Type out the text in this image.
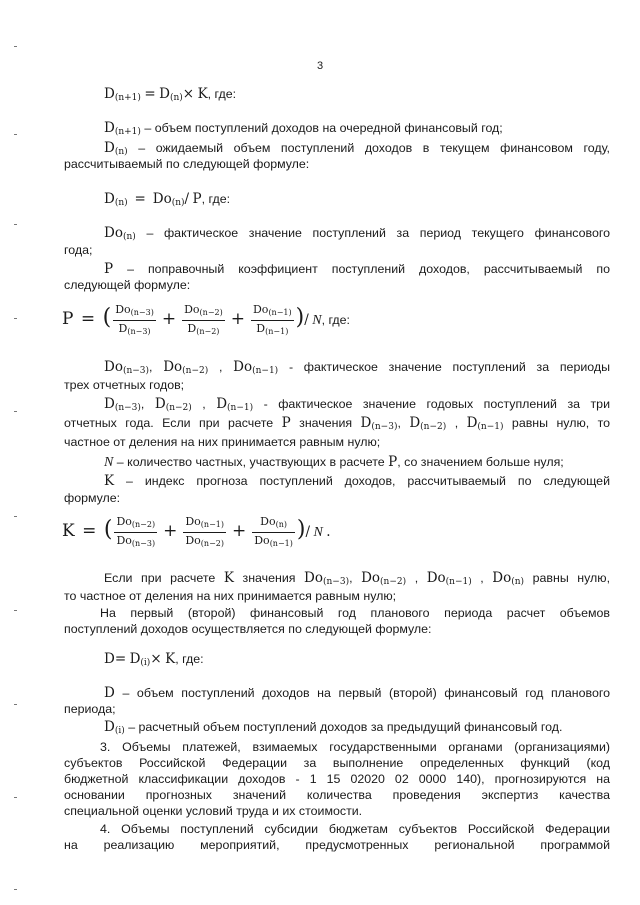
3
$D_{(n+1)} = D_{(n)}\times K$, где:
$D_{(n+1)}$ – объем поступлений доходов на очередной финансовый год;
$D_{(n)}$ – ожидаемый объем поступлений доходов в текущем финансовом году,
рассчитываемый по следующей формуле:
$D_{(n)} = Do_{(n)}/$ P, где:
$Do_{(n)}$ – фактическое значение поступлений за период текущего финансового
года;
P – поправочный коэффициент поступлений доходов, рассчитываемый по
следующей формуле:
P = ( $\frac{Do_{(n-3)}}{D_{(n-3)}} + \frac{Do_{(n-2)}}{D_{(n-2)}} + \frac{Do_{(n-1)}}{D_{(n-1)}}$ )/ N, где:
$Do_{(n-3)}$, $Do_{(n-2)}$ , $Do_{(n-1)}$ - фактическое значение поступлений за периоды
трех отчетных годов;
$D_{(n-3)}$, $D_{(n-2)}$ , $D_{(n-1)}$ - фактическое значение годовых поступлений за три
отчетных года. Если при расчете P значения $D_{(n-3)}$, $D_{(n-2)}$ , $D_{(n-1)}$ равны нулю, то
частное от деления на них принимается равным нулю;
N – количество частных, участвующих в расчете P, со значением больше нуля;
K – индекс прогноза поступлений доходов, рассчитываемый по следующей
формуле:
K = ( $\frac{Do_{(n-2)}}{Do_{(n-3)}} + \frac{Do_{(n-1)}}{Do_{(n-2)}} + \frac{Do_{(n)}}{Do_{(n-1)}}$ )/ N .
Если при расчете K значения $Do_{(n-3)}$, $Do_{(n-2)}$ , $Do_{(n-1)}$ , $Do_{(n)}$ равны нулю,
то частное от деления на них принимается равным нулю;
На первый (второй) финансовый год планового периода расчет объемов
поступлений доходов осуществляется по следующей формуле:
$D= D_{(i)}\times K$, где:
D – объем поступлений доходов на первый (второй) финансовый год планового
периода;
$D_{(i)}$ – расчетный объем поступлений доходов за предыдущий финансовый год.
3. Объемы платежей, взимаемых государственными органами (организациями)
субъектов Российской Федерации за выполнение определенных функций (код
бюджетной классификации доходов - 1 15 02020 02 0000 140), прогнозируются на
основании прогнозных значений количества проведения экспертиз качества
специальной оценки условий труда и их стоимости.
4. Объемы поступлений субсидии бюджетам субъектов Российской Федерации
на реализацию мероприятий, предусмотренных региональной программой
